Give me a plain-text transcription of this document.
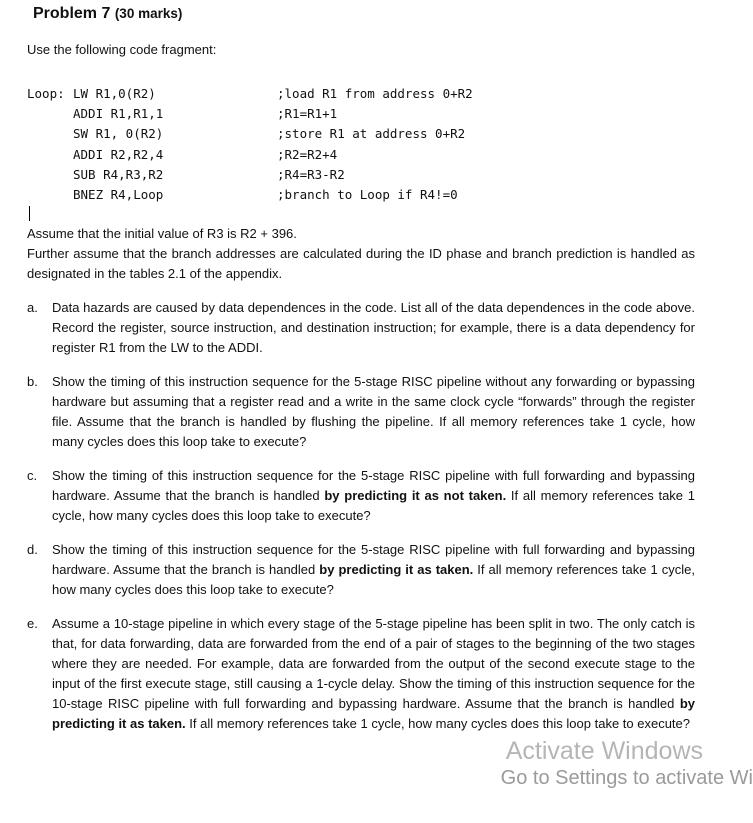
Problem 7 (30 marks)
Use the following code fragment:
Loop: LW R1,0(R2)	;load R1 from address 0+R2
ADDI R1,R1,1	;R1=R1+1
SW R1, 0(R2)	;store R1 at address 0+R2
ADDI R2,R2,4	;R2=R2+4
SUB R4,R3,R2	;R4=R3-R2
BNEZ R4,Loop	;branch to Loop if R4!=0
Assume that the initial value of R3 is R2 + 396.
Further assume that the branch addresses are calculated during the ID phase and branch prediction is handled as designated in the tables 2.1 of the appendix.
a. Data hazards are caused by data dependences in the code. List all of the data dependences in the code above. Record the register, source instruction, and destination instruction; for example, there is a data dependency for register R1 from the LW to the ADDI.
b. Show the timing of this instruction sequence for the 5-stage RISC pipeline without any forwarding or bypassing hardware but assuming that a register read and a write in the same clock cycle “forwards” through the register file. Assume that the branch is handled by flushing the pipeline. If all memory references take 1 cycle, how many cycles does this loop take to execute?
c. Show the timing of this instruction sequence for the 5-stage RISC pipeline with full forwarding and bypassing hardware. Assume that the branch is handled by predicting it as not taken. If all memory references take 1 cycle, how many cycles does this loop take to execute?
d. Show the timing of this instruction sequence for the 5-stage RISC pipeline with full forwarding and bypassing hardware. Assume that the branch is handled by predicting it as taken. If all memory references take 1 cycle, how many cycles does this loop take to execute?
e. Assume a 10-stage pipeline in which every stage of the 5-stage pipeline has been split in two. The only catch is that, for data forwarding, data are forwarded from the end of a pair of stages to the beginning of the two stages where they are needed. For example, data are forwarded from the output of the second execute stage to the input of the first execute stage, still causing a 1-cycle delay. Show the timing of this instruction sequence for the 10-stage RISC pipeline with full forwarding and bypassing hardware. Assume that the branch is handled by predicting it as taken. If all memory references take 1 cycle, how many cycles does this loop take to execute?
Activate Windows
Go to Settings to activate Wi
